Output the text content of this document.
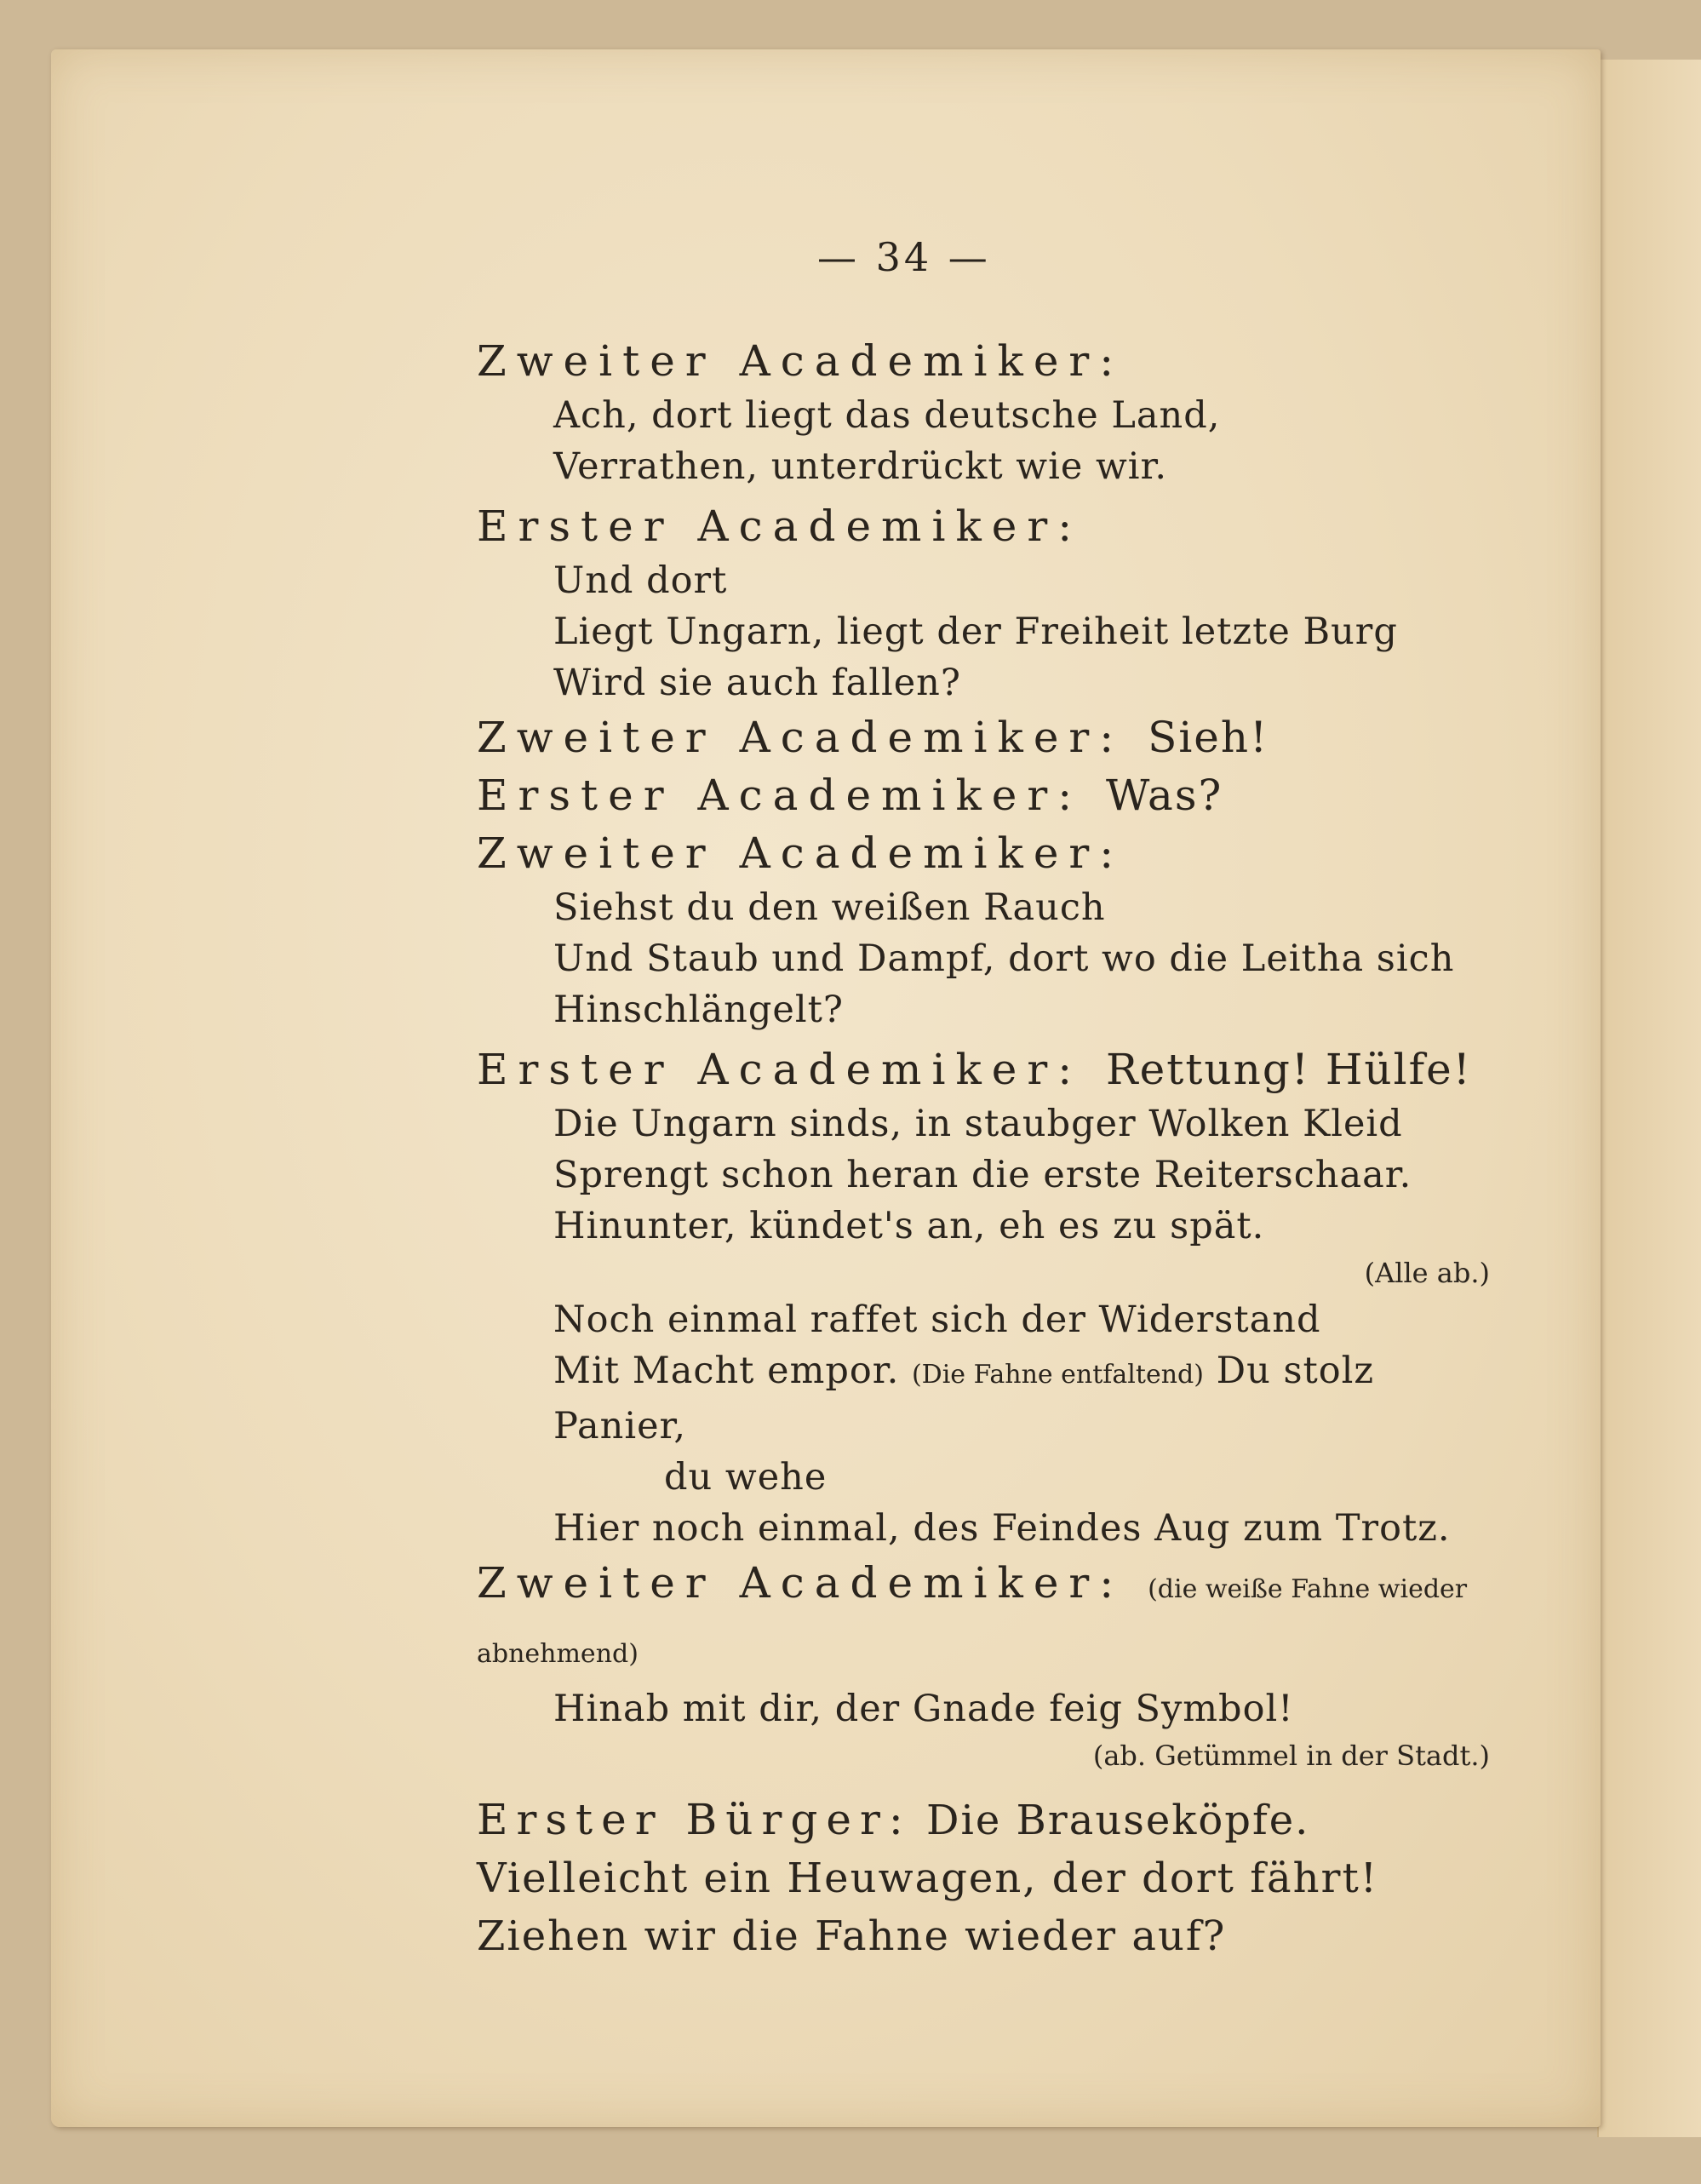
— 34 —

Zweiter Academiker:

Ach, dort liegt das deutsche Land,

Verrathen, unterdrückt wie wir.

Erster Academiker:

Und dort

Liegt Ungarn, liegt der Freiheit letzte Burg

Wird sie auch fallen?

Zweiter Academiker: Sieh!

Erster Academiker: Was?

Zweiter Academiker:

Siehst du den weißen Rauch

Und Staub und Dampf, dort wo die Leitha sich

Hinschlängelt?

Erster Academiker: Rettung! Hülfe!

Die Ungarn sinds, in staubger Wolken Kleid

Sprengt schon heran die erste Reiterschaar.

Hinunter, kündet's an, eh es zu spät.

(Alle ab.)

Noch einmal raffet sich der Widerstand

Mit Macht empor. (Die Fahne entfaltend) Du stolz Panier,

du wehe

Hier noch einmal, des Feindes Aug zum Trotz.

Zweiter Academiker: (die weiße Fahne wieder abnehmend)

Hinab mit dir, der Gnade feig Symbol!

(ab. Getümmel in der Stadt.)

Erster Bürger: Die Brauseköpfe. Vielleicht ein Heuwagen, der dort fährt! Ziehen wir die Fahne wieder auf?
